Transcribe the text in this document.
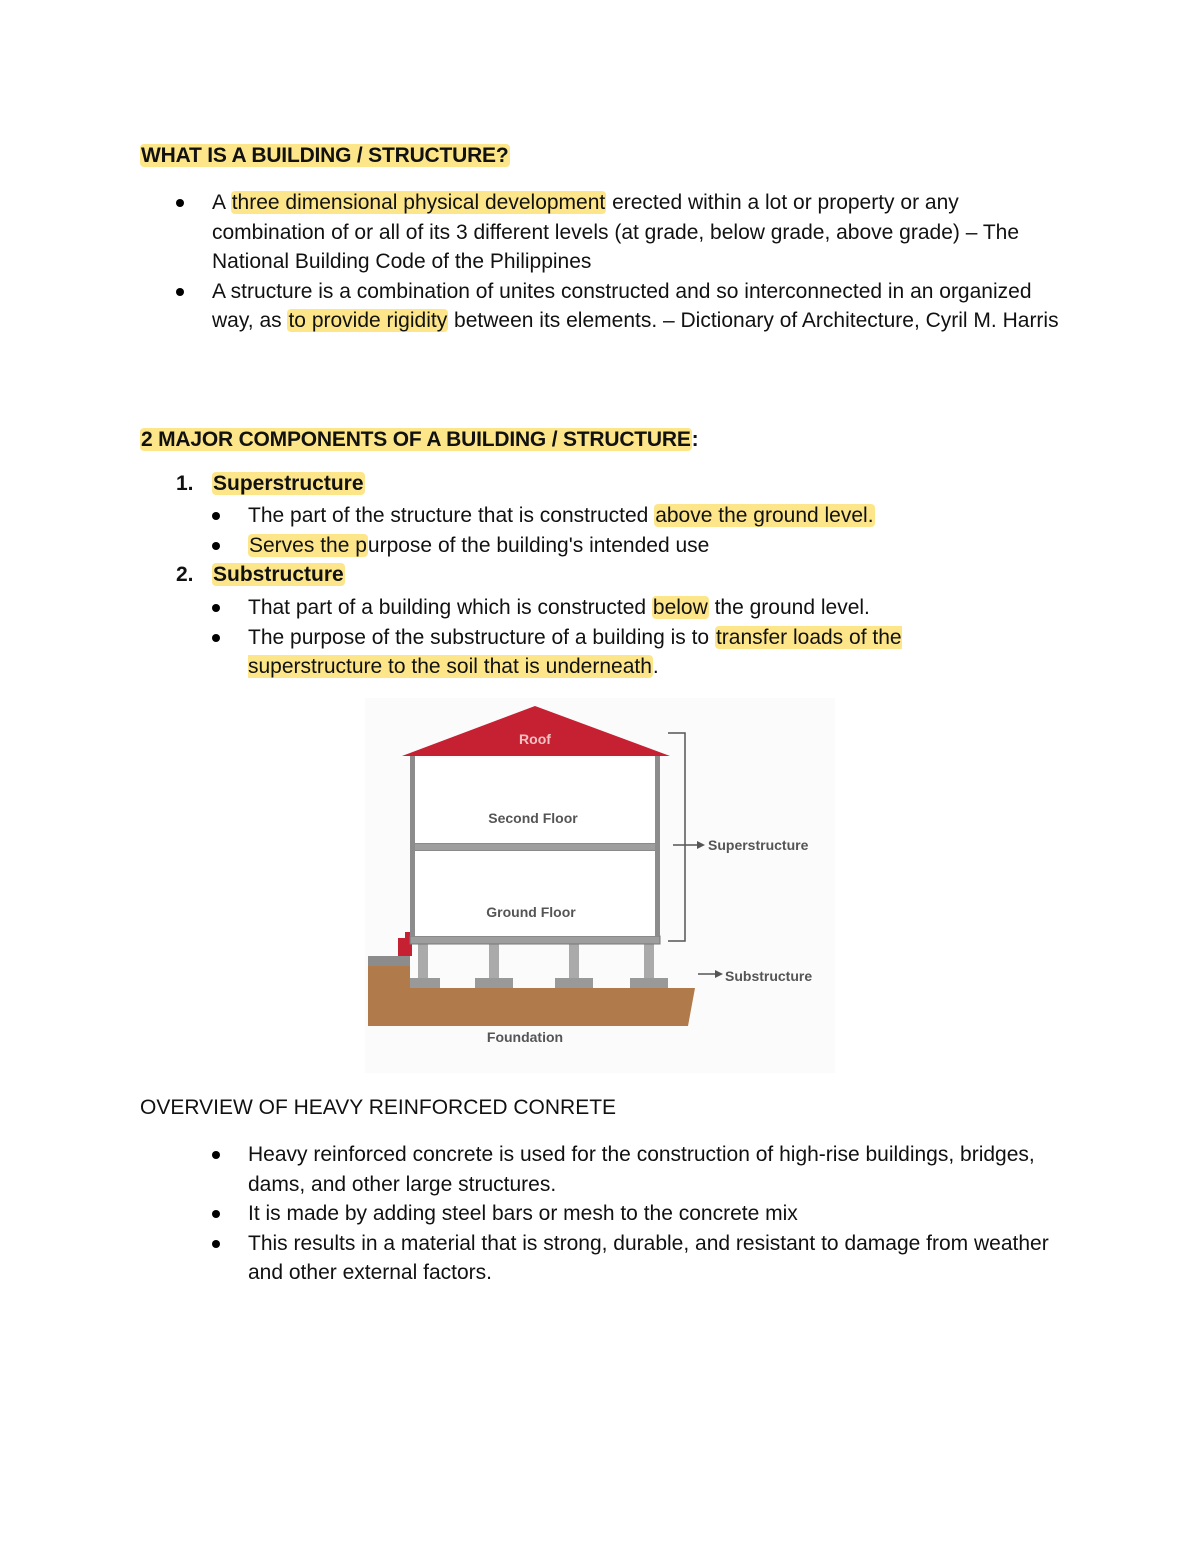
WHAT IS A BUILDING / STRUCTURE?
A three dimensional physical development erected within a lot or property or any combination of or all of its 3 different levels (at grade, below grade, above grade) – The National Building Code of the Philippines
A structure is a combination of unites constructed and so interconnected in an organized way, as to provide rigidity between its elements. – Dictionary of Architecture, Cyril M. Harris
2 MAJOR COMPONENTS OF A BUILDING / STRUCTURE:
1. Superstructure
The part of the structure that is constructed above the ground level.
Serves the purpose of the building's intended use
2. Substructure
That part of a building which is constructed below the ground level.
The purpose of the substructure of a building is to transfer loads of the superstructure to the soil that is underneath.
Roof
Second Floor
Ground Floor
Foundation
Superstructure
Substructure
OVERVIEW OF HEAVY REINFORCED CONRETE
Heavy reinforced concrete is used for the construction of high-rise buildings, bridges, dams, and other large structures.
It is made by adding steel bars or mesh to the concrete mix
This results in a material that is strong, durable, and resistant to damage from weather and other external factors.
